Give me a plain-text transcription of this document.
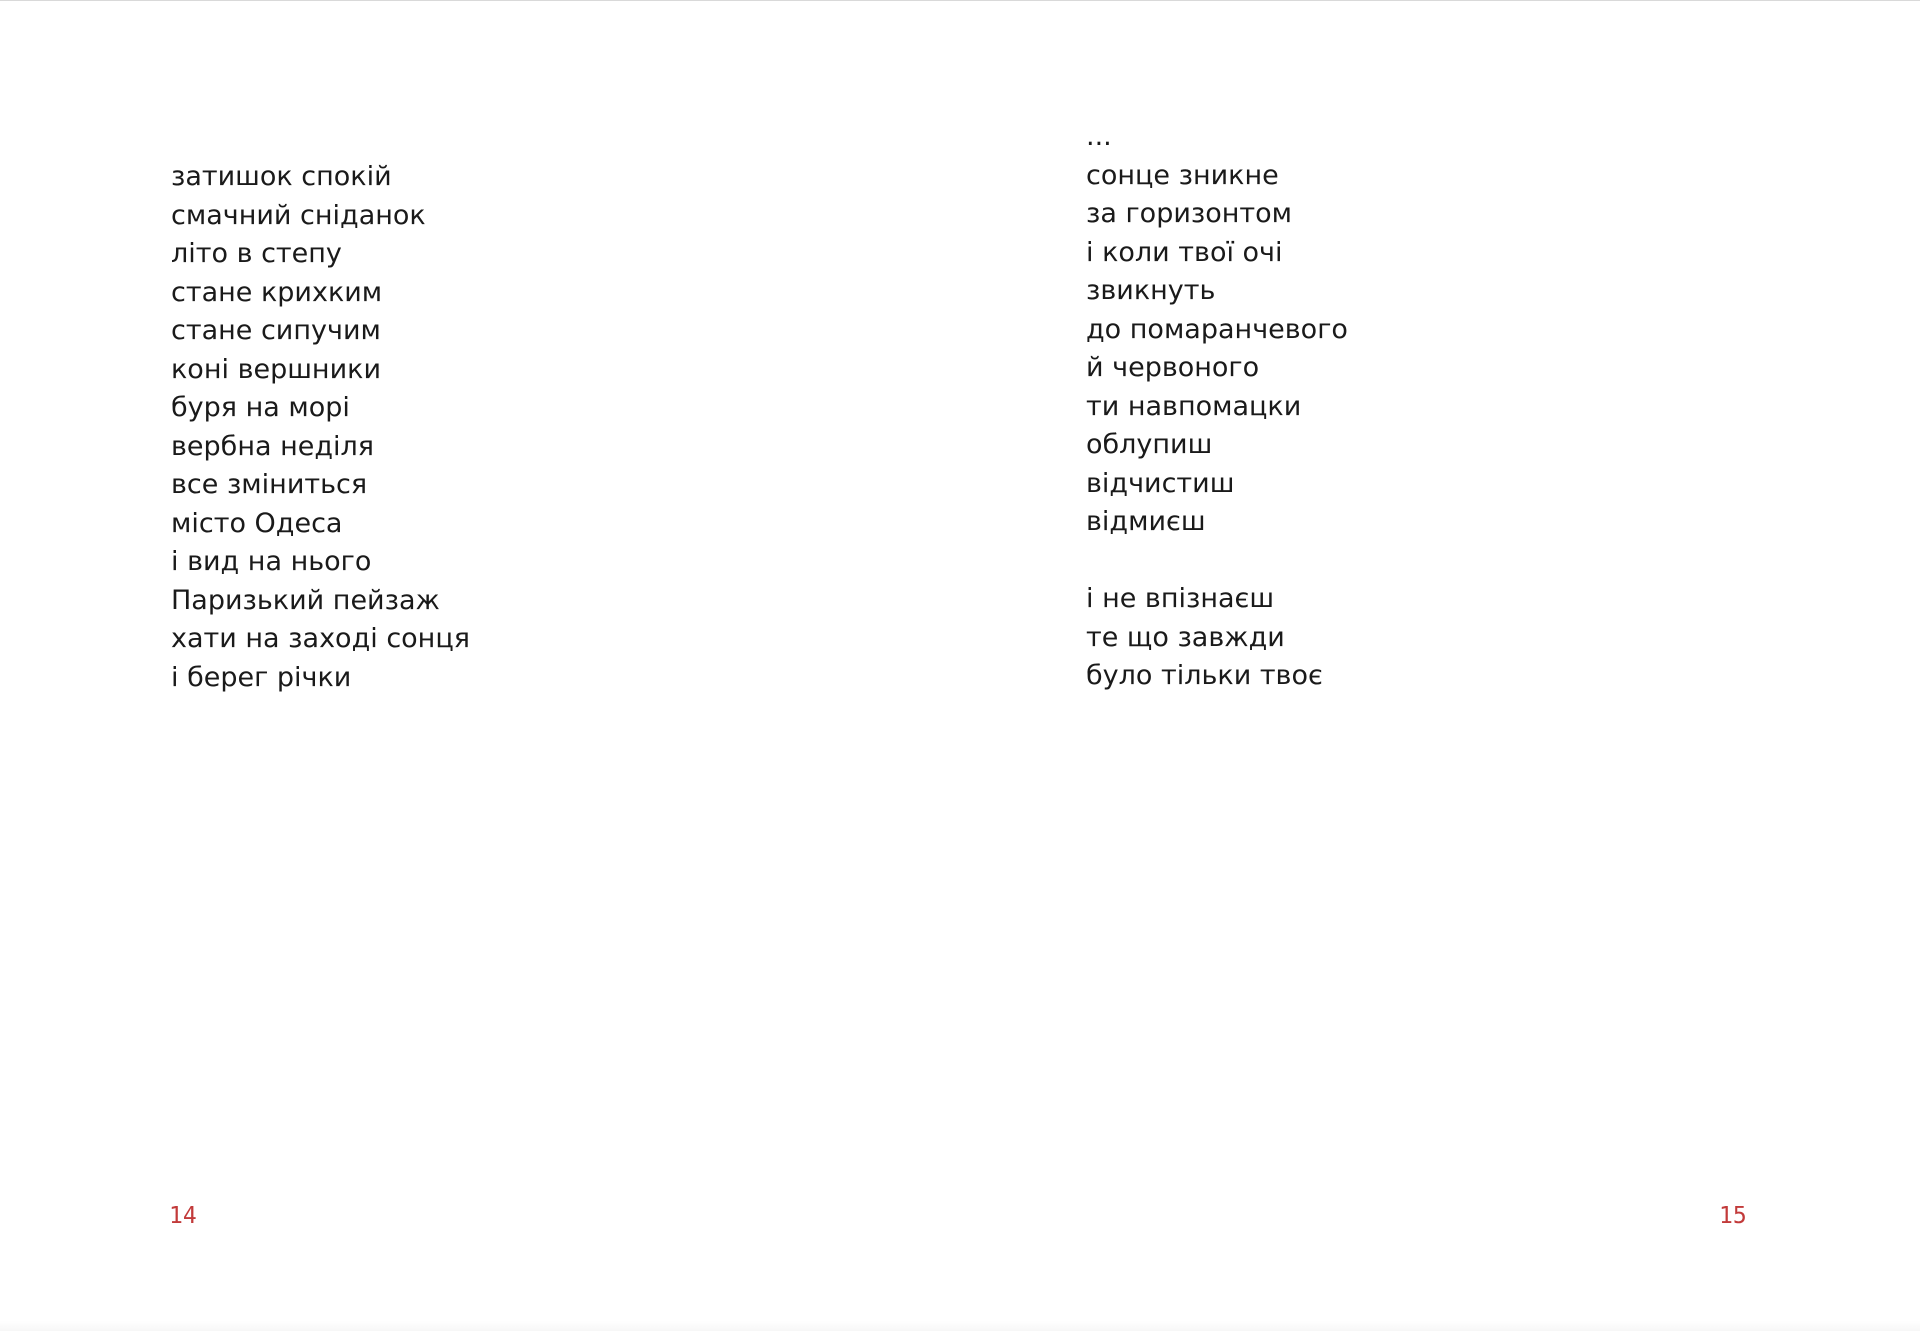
затишок спокій
смачний сніданок
літо в степу
стане крихким
стане сипучим
коні вершники
буря на морі
вербна неділя
все зміниться
місто Одеса
і вид на нього
Паризький пейзаж
хати на заході сонця
і берег річки
...
сонце зникне
за горизонтом
і коли твої очі
звикнуть
до помаранчевого
й червоного
ти навпомацки
облупиш
відчистиш
відмиєш
і не впізнаєш
те що завжди
було тільки твоє
14	15
